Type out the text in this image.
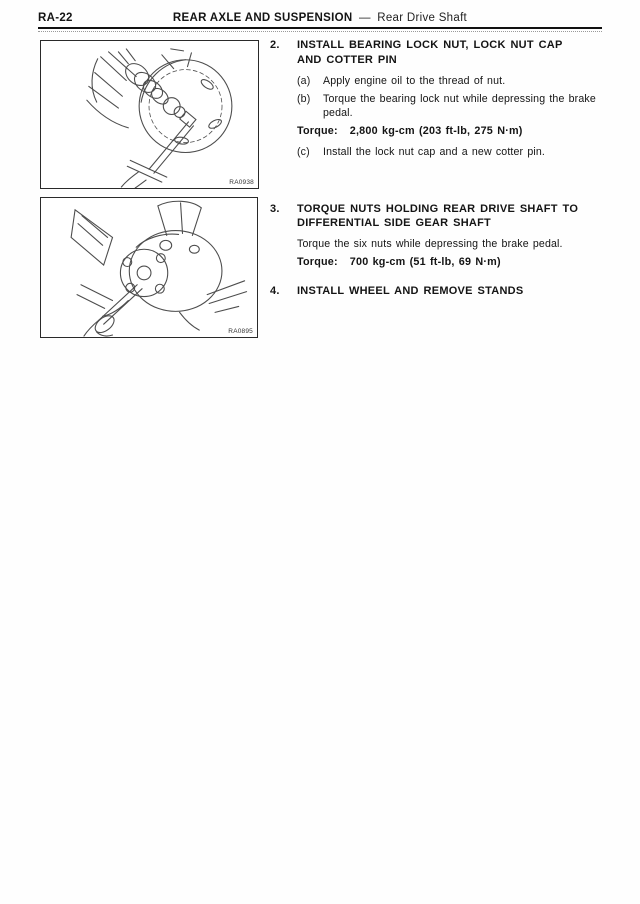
RA-22	REAR AXLE AND SUSPENSION — Rear Drive Shaft
RA0938
RA0895
2.	INSTALL BEARING LOCK NUT, LOCK NUT CAP AND COTTER PIN
(a)	Apply engine oil to the thread of nut.
(b)	Torque the bearing lock nut while depressing the brake pedal.
Torque: 2,800 kg-cm (203 ft-lb, 275 N·m)
(c)	Install the lock nut cap and a new cotter pin.
3.	TORQUE NUTS HOLDING REAR DRIVE SHAFT TO DIFFERENTIAL SIDE GEAR SHAFT
Torque the six nuts while depressing the brake pedal.
Torque: 700 kg-cm (51 ft-lb, 69 N·m)
4.	INSTALL WHEEL AND REMOVE STANDS
